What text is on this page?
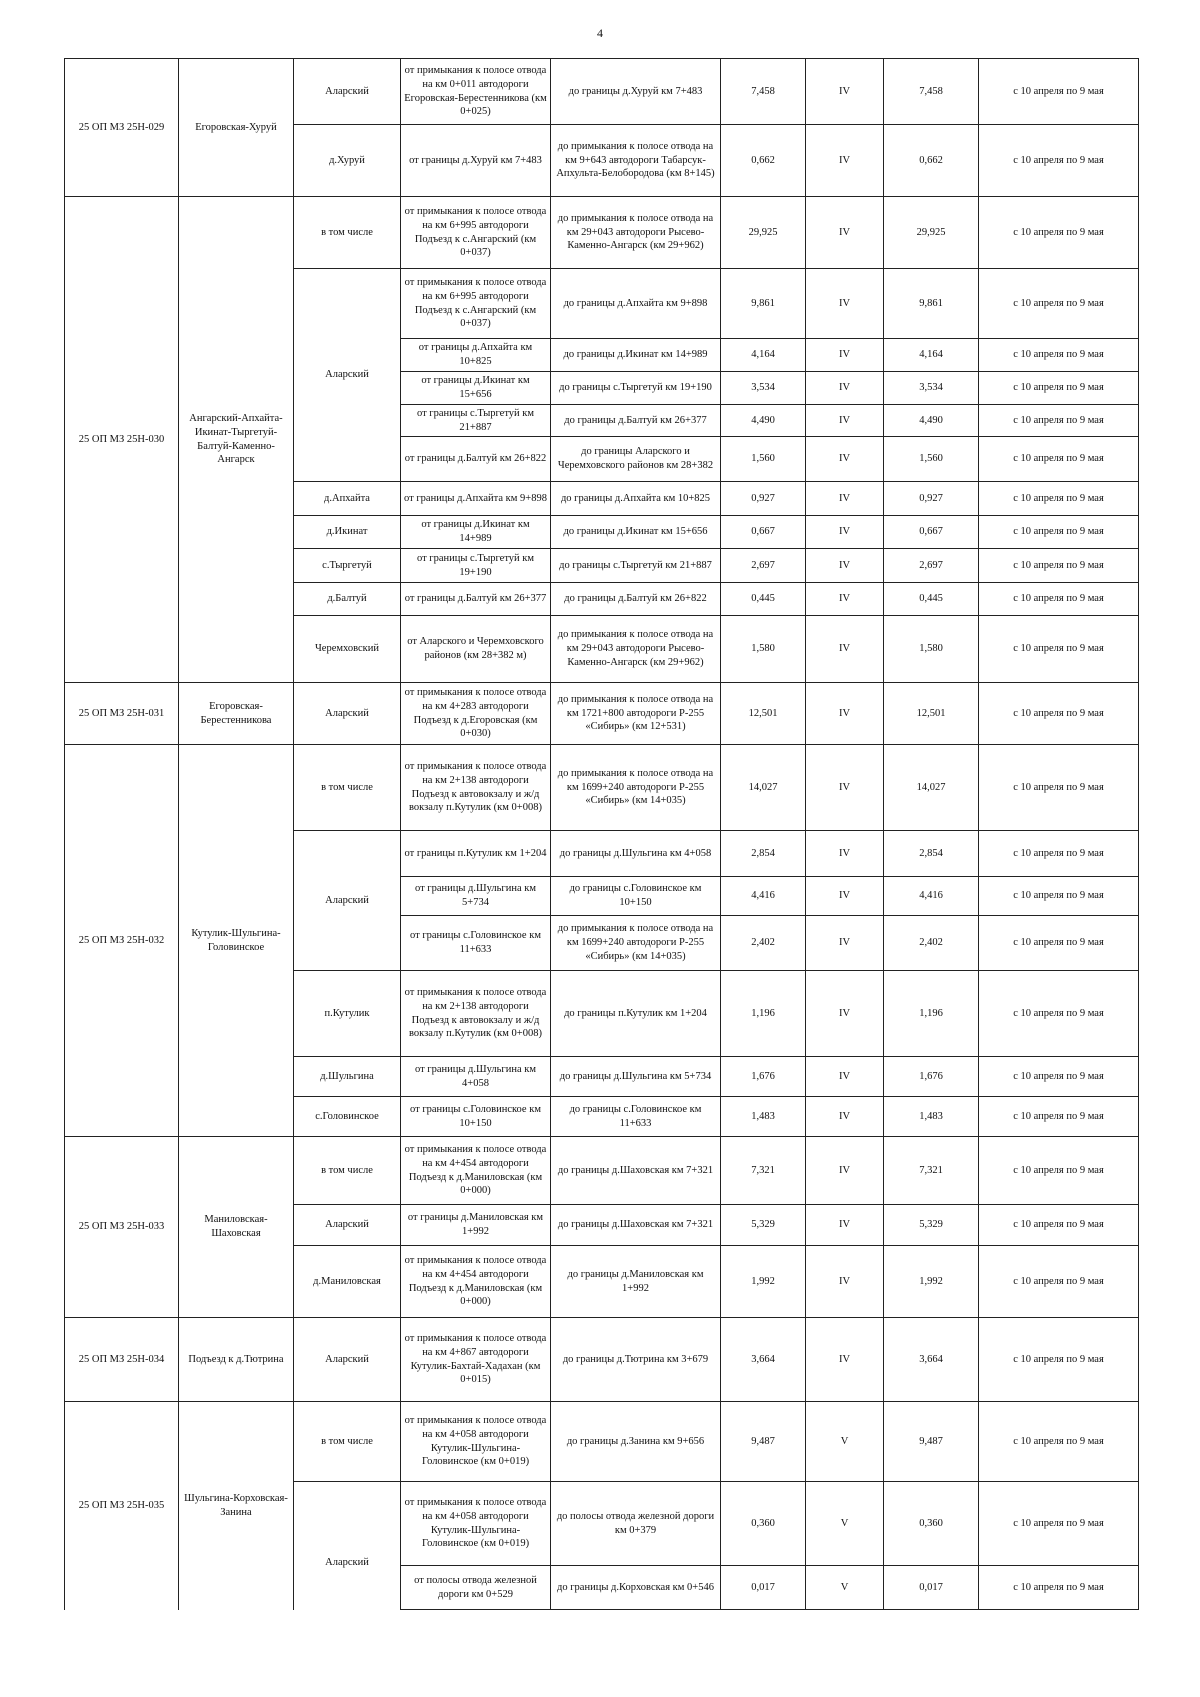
4
25 ОП МЗ 25Н-029	Егоровская-Хуруй	Аларский	от примыкания к полосе отвода на км 0+011 автодороги Егоровская-Берестенникова (км 0+025)	до границы д.Хуруй км 7+483	7,458	IV	7,458	с 10 апреля по 9 мая
		д.Хуруй	от границы д.Хуруй км 7+483	до примыкания к полосе отвода на км 9+643 автодороги Табарсук-Апхульта-Белобородова (км 8+145)	0,662	IV	0,662	с 10 апреля по 9 мая
25 ОП МЗ 25Н-030	Ангарский-Апхайта-Икинат-Тыргетуй-Балтуй-Каменно-Ангарск	в том числе	от примыкания к полосе отвода на км 6+995 автодороги Подъезд к с.Ангарский (км 0+037)	до примыкания к полосе отвода на км 29+043 автодороги Рысево-Каменно-Ангарск (км 29+962)	29,925	IV	29,925	с 10 апреля по 9 мая
		Аларский	от примыкания к полосе отвода на км 6+995 автодороги Подъезд к с.Ангарский (км 0+037)	до границы д.Апхайта км 9+898	9,861	IV	9,861	с 10 апреля по 9 мая
			от границы д.Апхайта км 10+825	до границы д.Икинат км 14+989	4,164	IV	4,164	с 10 апреля по 9 мая
			от границы д.Икинат км 15+656	до границы с.Тыргетуй км 19+190	3,534	IV	3,534	с 10 апреля по 9 мая
			от границы с.Тыргетуй км 21+887	до границы д.Балтуй км 26+377	4,490	IV	4,490	с 10 апреля по 9 мая
			от границы д.Балтуй км 26+822	до границы Аларского и Черемховского районов км 28+382	1,560	IV	1,560	с 10 апреля по 9 мая
		д.Апхайта	от границы д.Апхайта км 9+898	до границы д.Апхайта км 10+825	0,927	IV	0,927	с 10 апреля по 9 мая
		д.Икинат	от границы д.Икинат км 14+989	до границы д.Икинат км 15+656	0,667	IV	0,667	с 10 апреля по 9 мая
		с.Тыргетуй	от границы с.Тыргетуй км 19+190	до границы с.Тыргетуй км 21+887	2,697	IV	2,697	с 10 апреля по 9 мая
		д.Балтуй	от границы д.Балтуй км 26+377	до границы д.Балтуй км 26+822	0,445	IV	0,445	с 10 апреля по 9 мая
		Черемховский	от Аларского и Черемховского районов (км 28+382 м)	до примыкания к полосе отвода на км 29+043 автодороги Рысево-Каменно-Ангарск (км 29+962)	1,580	IV	1,580	с 10 апреля по 9 мая
25 ОП МЗ 25Н-031	Егоровская-Берестенникова	Аларский	от примыкания к полосе отвода на км 4+283 автодороги Подъезд к д.Егоровская (км 0+030)	до примыкания к полосе отвода на км 1721+800 автодороги Р-255 «Сибирь» (км 12+531)	12,501	IV	12,501	с 10 апреля по 9 мая
25 ОП МЗ 25Н-032	Кутулик-Шульгина-Головинское	в том числе	от примыкания к полосе отвода на км 2+138 автодороги Подъезд к автовокзалу и ж/д вокзалу п.Кутулик (км 0+008)	до примыкания к полосе отвода на км 1699+240 автодороги Р-255 «Сибирь» (км 14+035)	14,027	IV	14,027	с 10 апреля по 9 мая
		Аларский	от границы п.Кутулик км 1+204	до границы д.Шульгина км 4+058	2,854	IV	2,854	с 10 апреля по 9 мая
			от границы д.Шульгина км 5+734	до границы с.Головинское км 10+150	4,416	IV	4,416	с 10 апреля по 9 мая
			от границы с.Головинское км 11+633	до примыкания к полосе отвода на км 1699+240 автодороги Р-255 «Сибирь» (км 14+035)	2,402	IV	2,402	с 10 апреля по 9 мая
		п.Кутулик	от примыкания к полосе отвода на км 2+138 автодороги Подъезд к автовокзалу и ж/д вокзалу п.Кутулик (км 0+008)	до границы п.Кутулик км 1+204	1,196	IV	1,196	с 10 апреля по 9 мая
		д.Шульгина	от границы д.Шульгина км 4+058	до границы д.Шульгина км 5+734	1,676	IV	1,676	с 10 апреля по 9 мая
		с.Головинское	от границы с.Головинское км 10+150	до границы с.Головинское км 11+633	1,483	IV	1,483	с 10 апреля по 9 мая
25 ОП МЗ 25Н-033	Маниловская-Шаховская	в том числе	от примыкания к полосе отвода на км 4+454 автодороги Подъезд к д.Маниловская (км 0+000)	до границы д.Шаховская км 7+321	7,321	IV	7,321	с 10 апреля по 9 мая
		Аларский	от границы д.Маниловская км 1+992	до границы д.Шаховская км 7+321	5,329	IV	5,329	с 10 апреля по 9 мая
		д.Маниловская	от примыкания к полосе отвода на км 4+454 автодороги Подъезд к д.Маниловская (км 0+000)	до границы д.Маниловская км 1+992	1,992	IV	1,992	с 10 апреля по 9 мая
25 ОП МЗ 25Н-034	Подъезд к д.Тютрина	Аларский	от примыкания к полосе отвода на км 4+867 автодороги Кутулик-Бахтай-Хадахан (км 0+015)	до границы д.Тютрина км 3+679	3,664	IV	3,664	с 10 апреля по 9 мая
25 ОП МЗ 25Н-035	Шульгина-Корховская-Занина	в том числе	от примыкания к полосе отвода на км 4+058 автодороги Кутулик-Шульгина-Головинское (км 0+019)	до границы д.Занина км 9+656	9,487	V	9,487	с 10 апреля по 9 мая
		Аларский	от примыкания к полосе отвода на км 4+058 автодороги Кутулик-Шульгина-Головинское (км 0+019)	до полосы отвода железной дороги км 0+379	0,360	V	0,360	с 10 апреля по 9 мая
			от полосы отвода железной дороги км 0+529	до границы д.Корховская км 0+546	0,017	V	0,017	с 10 апреля по 9 мая
